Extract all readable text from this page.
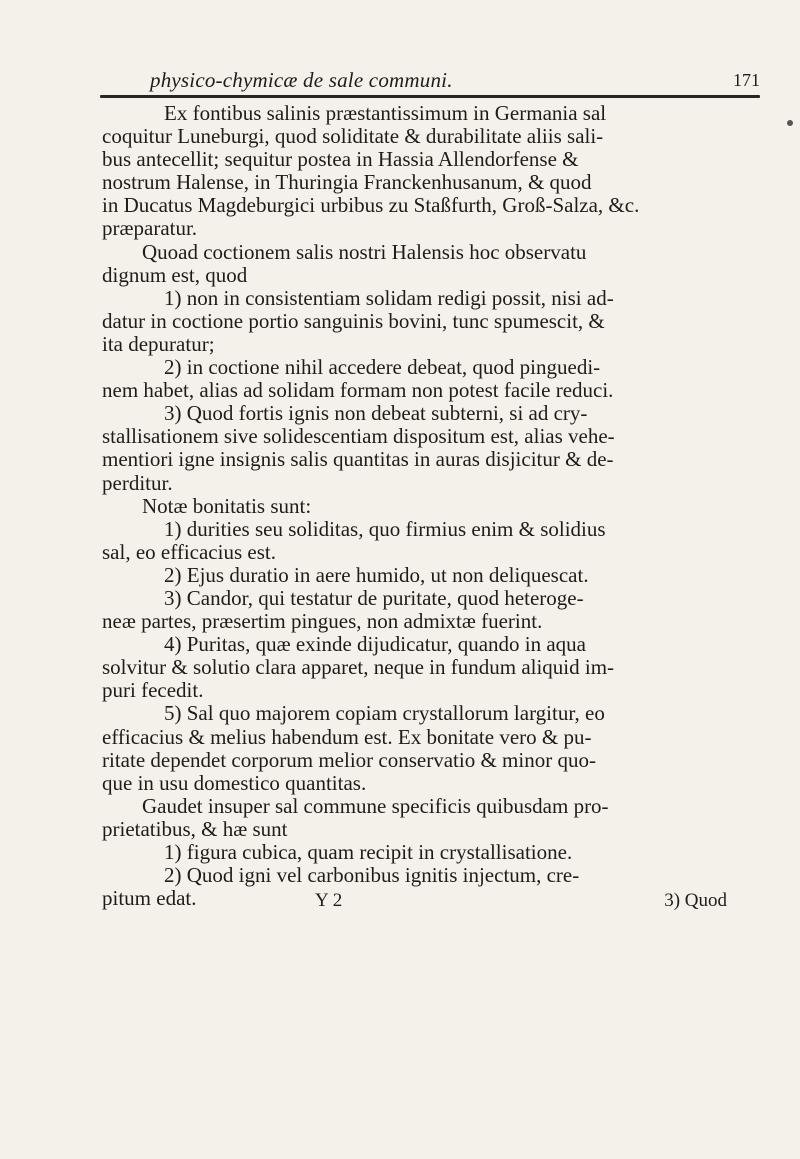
physico-chymicæ de sale communi.	171
Ex fontibus salinis præstantissimum in Germania sal
coquitur Luneburgi, quod soliditate & durabilitate aliis sali-
bus antecellit; sequitur postea in Hassia Allendorfense &
nostrum Halense, in Thuringia Franckenhusanum, & quod
in Ducatus Magdeburgici urbibus zu Staßfurth, Groß-Salza, &c.
præparatur.
Quoad coctionem salis nostri Halensis hoc observatu
dignum est, quod
1) non in consistentiam solidam redigi possit, nisi ad-
datur in coctione portio sanguinis bovini, tunc spumescit, &
ita depuratur;
2) in coctione nihil accedere debeat, quod pinguedi-
nem habet, alias ad solidam formam non potest facile reduci.
3) Quod fortis ignis non debeat subterni, si ad cry-
stallisationem sive solidescentiam dispositum est, alias vehe-
mentiori igne insignis salis quantitas in auras disjicitur & de-
perditur.
Notæ bonitatis sunt:
1) durities seu soliditas, quo firmius enim & solidius
sal, eo efficacius est.
2) Ejus duratio in aere humido, ut non deliquescat.
3) Candor, qui testatur de puritate, quod heteroge-
neæ partes, præsertim pingues, non admixtæ fuerint.
4) Puritas, quæ exinde dijudicatur, quando in aqua
solvitur & solutio clara apparet, neque in fundum aliquid im-
puri fecedit.
5) Sal quo majorem copiam crystallorum largitur, eo
efficacius & melius habendum est. Ex bonitate vero & pu-
ritate dependet corporum melior conservatio & minor quo-
que in usu domestico quantitas.
Gaudet insuper sal commune specificis quibusdam pro-
prietatibus, & hæ sunt
1) figura cubica, quam recipit in crystallisatione.
2) Quod igni vel carbonibus ignitis injectum, cre-
pitum edat.	Y 2	3) Quod
